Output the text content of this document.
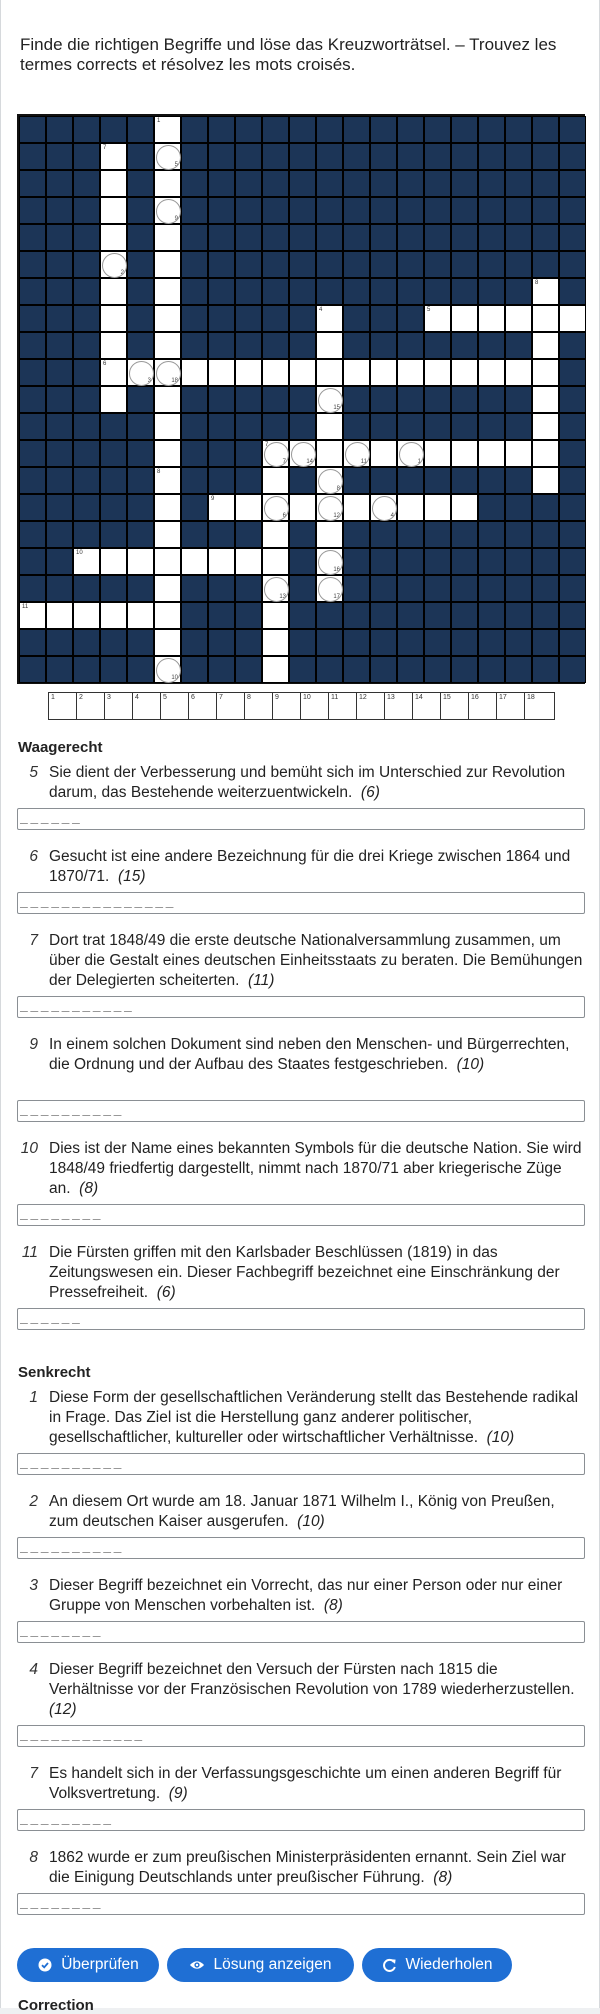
Finde die richtigen Begriffe und löse das Kreuzworträtsel. – Trouvez les termes corrects et résolvez les mots croisés.
1
7
5
9
2
8
4	5
6
3	18
15
7
7	14	11	1
8
8
9
6	12	4
10
16
13	17
11
10
1	2	3	4	5	6	7	8	9	10	11	12	13	14	15	16	17	18
Waagerecht
5 Sie dient der Verbesserung und bemüht sich im Unterschied zur Revolution darum, das Bestehende weiterzuentwickeln.  (6)
_ _ _ _ _ _
6 Gesucht ist eine andere Bezeichnung für die drei Kriege zwischen 1864 und 1870/71.  (15)
_ _ _ _ _ _ _ _ _ _ _ _ _ _ _
7 Dort trat 1848/49 die erste deutsche Nationalversammlung zusammen, um über die Gestalt eines deutschen Einheitsstaats zu beraten. Die Bemühungen der Delegierten scheiterten.  (11)
_ _ _ _ _ _ _ _ _ _ _
9 In einem solchen Dokument sind neben den Menschen- und Bürgerrechten, die Ordnung und der Aufbau des Staates festgeschrieben.  (10)
_ _ _ _ _ _ _ _ _ _
10 Dies ist der Name eines bekannten Symbols für die deutsche Nation. Sie wird 1848/49 friedfertig dargestellt, nimmt nach 1870/71 aber kriegerische Züge an.  (8)
_ _ _ _ _ _ _ _
11 Die Fürsten griffen mit den Karlsbader Beschlüssen (1819) in das Zeitungswesen ein. Dieser Fachbegriff bezeichnet eine Einschränkung der Pressefreiheit.  (6)
_ _ _ _ _ _
Senkrecht
1 Diese Form der gesellschaftlichen Veränderung stellt das Bestehende radikal in Frage. Das Ziel ist die Herstellung ganz anderer politischer, gesellschaftlicher, kultureller oder wirtschaftlicher Verhältnisse.  (10)
_ _ _ _ _ _ _ _ _ _
2 An diesem Ort wurde am 18. Januar 1871 Wilhelm I., König von Preußen, zum deutschen Kaiser ausgerufen.  (10)
_ _ _ _ _ _ _ _ _ _
3 Dieser Begriff bezeichnet ein Vorrecht, das nur einer Person oder nur einer Gruppe von Menschen vorbehalten ist.  (8)
_ _ _ _ _ _ _ _
4 Dieser Begriff bezeichnet den Versuch der Fürsten nach 1815 die Verhältnisse vor der Französischen Revolution von 1789 wiederherzustellen.  (12)
_ _ _ _ _ _ _ _ _ _ _ _
7 Es handelt sich in der Verfassungsgeschichte um einen anderen Begriff für Volksvertretung.  (9)
_ _ _ _ _ _ _ _ _
8 1862 wurde er zum preußischen Ministerpräsidenten ernannt. Sein Ziel war die Einigung Deutschlands unter preußischer Führung.  (8)
_ _ _ _ _ _ _ _
Überprüfen	Lösung anzeigen	Wiederholen
Correction
